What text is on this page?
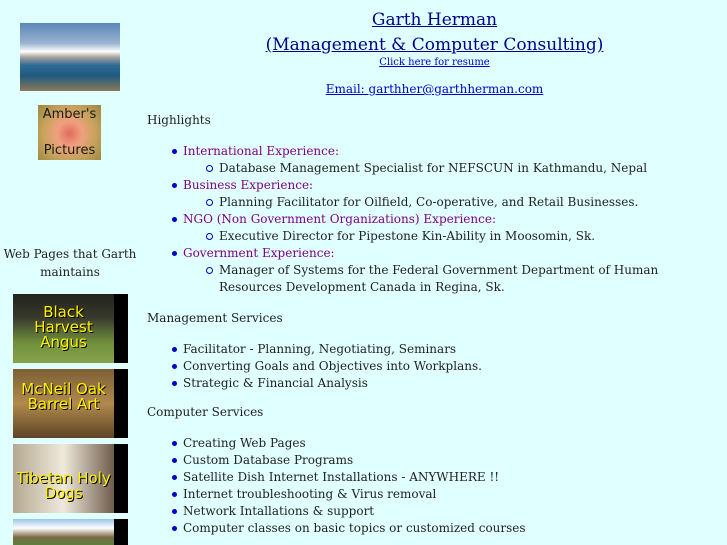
Amber's
Pictures
Web Pages that Garth maintains
Black Harvest Angus
McNeil Oak Barrel Art
Tibetan Holy Dogs
Garth Herman
(Management & Computer Consulting)
Click here for resume
Email: garthher@garthherman.com
Highlights
International Experience:
Database Management Specialist for NEFSCUN in Kathmandu, Nepal
Business Experience:
Planning Facilitator for Oilfield, Co-operative, and Retail Businesses.
NGO (Non Government Organizations) Experience:
Executive Director for Pipestone Kin-Ability in Moosomin, Sk.
Government Experience:
Manager of Systems for the Federal Government Department of Human Resources Development Canada in Regina, Sk.
Management Services
Facilitator - Planning, Negotiating, Seminars
Converting Goals and Objectives into Workplans.
Strategic & Financial Analysis
Computer Services
Creating Web Pages
Custom Database Programs
Satellite Dish Internet Installations - ANYWHERE !!
Internet troubleshooting & Virus removal
Network Intallations & support
Computer classes on basic topics or customized courses
